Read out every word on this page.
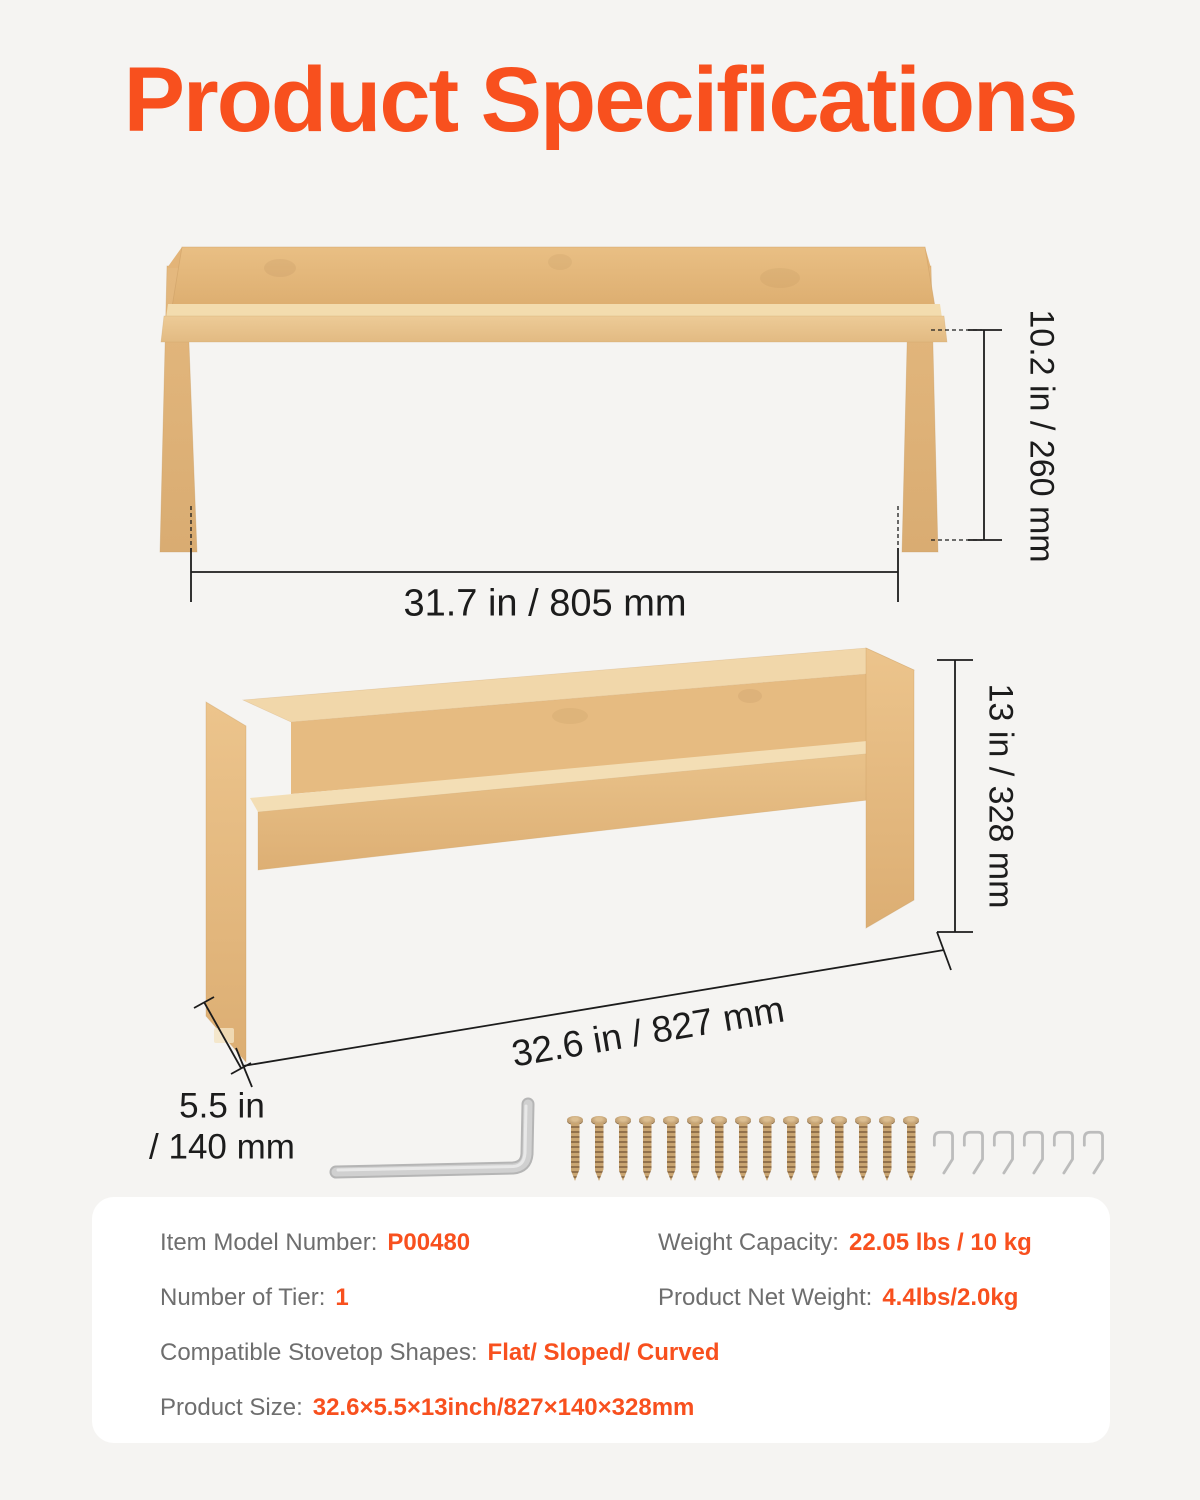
Product Specifications
10.2 in / 260 mm
31.7 in / 805 mm
13 in / 328 mm
32.6 in / 827 mm
5.5 in
/ 140 mm
Item Model Number: P00480	Weight Capacity: 22.05 lbs / 10 kg
Number of Tier: 1	Product Net Weight: 4.4lbs/2.0kg
Compatible Stovetop Shapes: Flat/ Sloped/ Curved
Product Size: 32.6×5.5×13inch/827×140×328mm
